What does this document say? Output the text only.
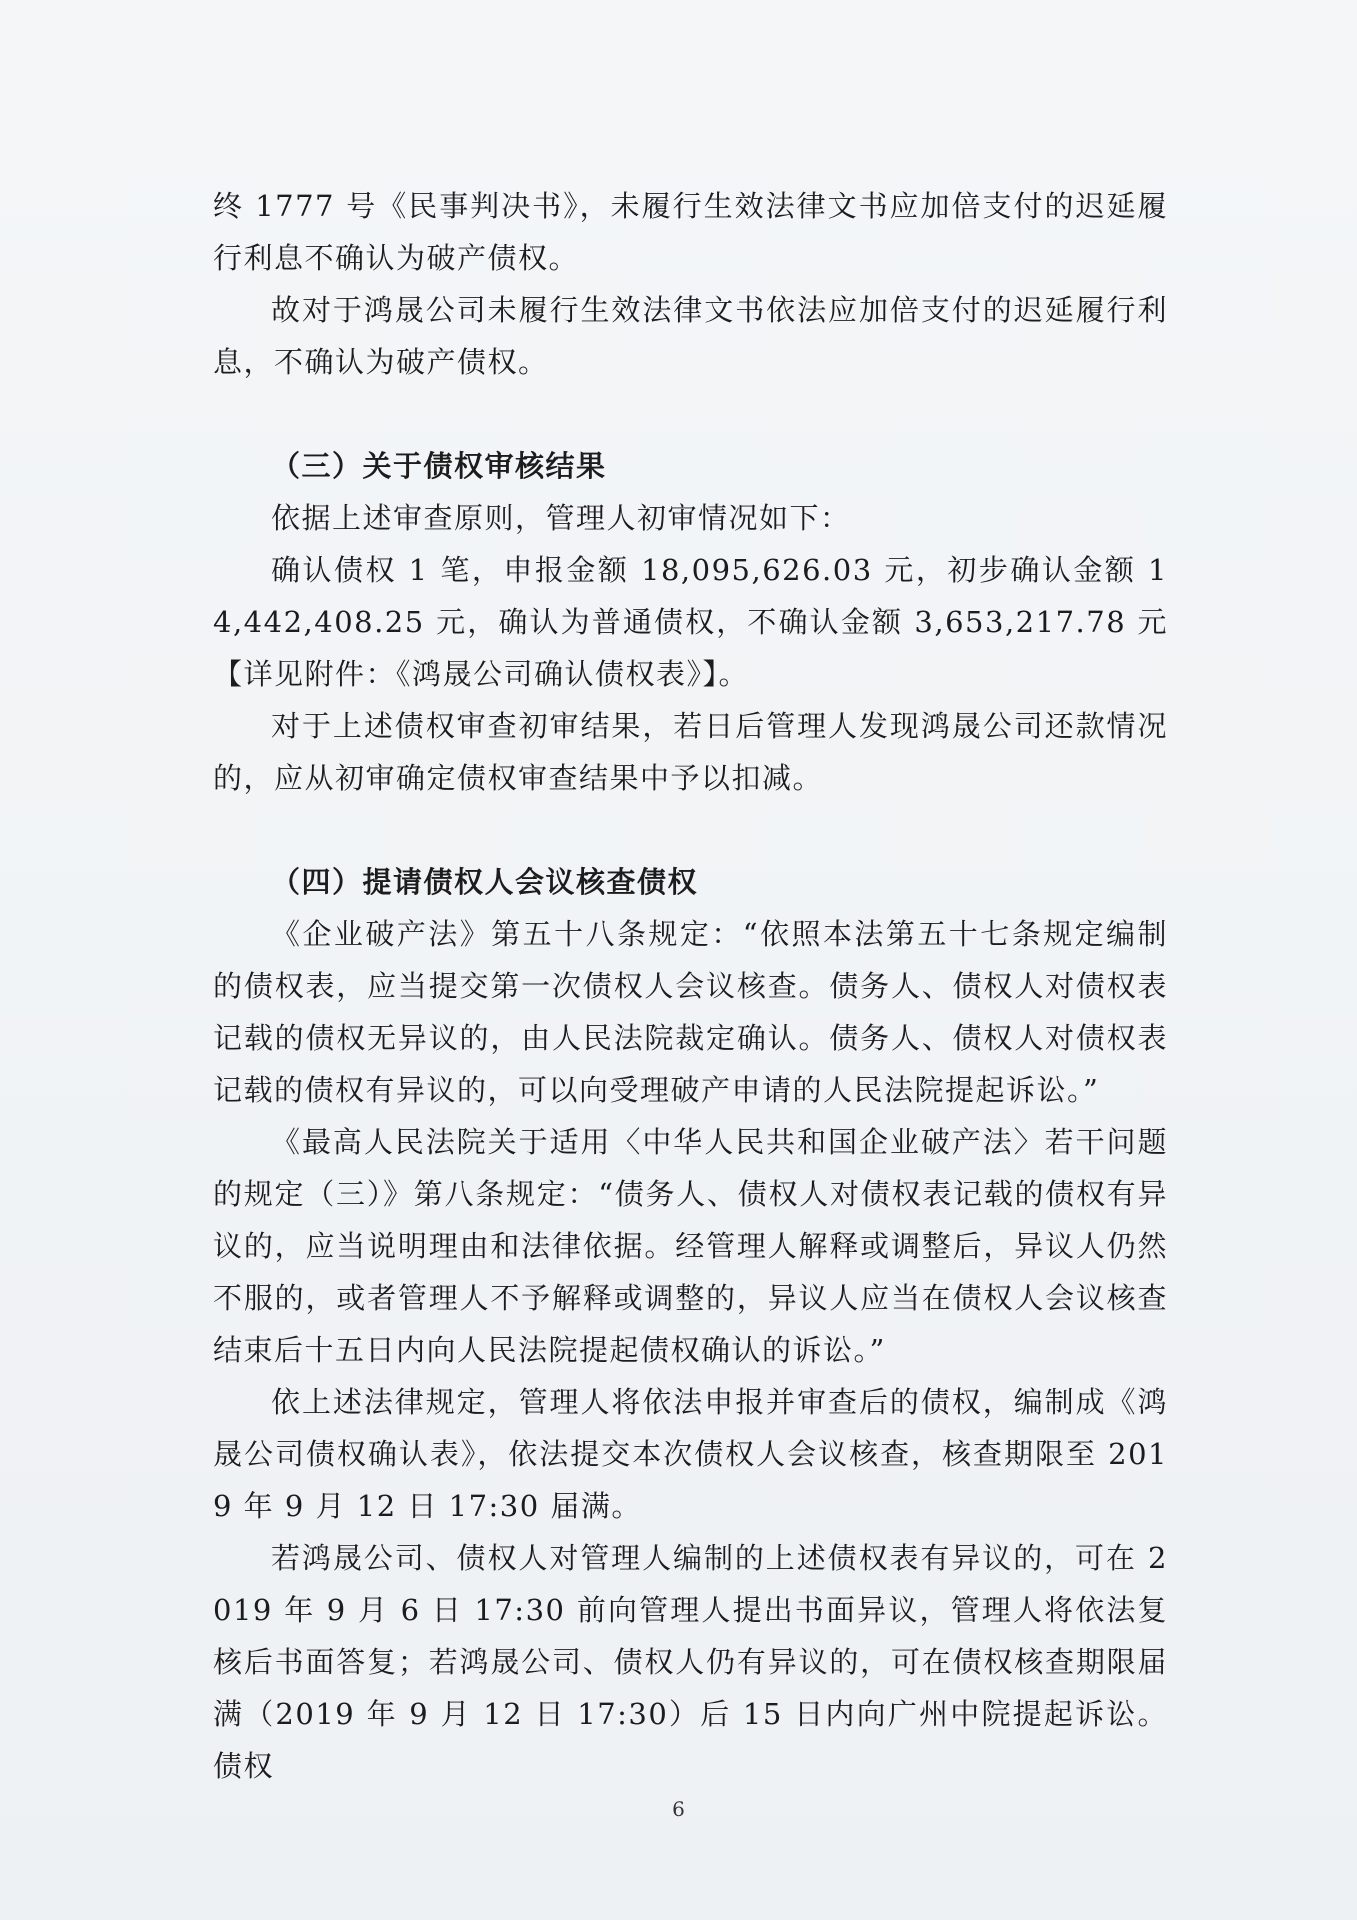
终 1777 号《民事判决书》，未履行生效法律文书应加倍支付的迟延履行利息不确认为破产债权。

故对于鸿晟公司未履行生效法律文书依法应加倍支付的迟延履行利息，不确认为破产债权。

（三）关于债权审核结果

依据上述审查原则，管理人初审情况如下：

确认债权 1 笔，申报金额 18,095,626.03 元，初步确认金额 14,442,408.25 元，确认为普通债权，不确认金额 3,653,217.78 元【详见附件：《鸿晟公司确认债权表》】。

对于上述债权审查初审结果，若日后管理人发现鸿晟公司还款情况的，应从初审确定债权审查结果中予以扣减。

（四）提请债权人会议核查债权

《企业破产法》第五十八条规定：“依照本法第五十七条规定编制的债权表，应当提交第一次债权人会议核查。债务人、债权人对债权表记载的债权无异议的，由人民法院裁定确认。债务人、债权人对债权表记载的债权有异议的，可以向受理破产申请的人民法院提起诉讼。”

《最高人民法院关于适用〈中华人民共和国企业破产法〉若干问题的规定（三）》第八条规定：“债务人、债权人对债权表记载的债权有异议的，应当说明理由和法律依据。经管理人解释或调整后，异议人仍然不服的，或者管理人不予解释或调整的，异议人应当在债权人会议核查结束后十五日内向人民法院提起债权确认的诉讼。”

依上述法律规定，管理人将依法申报并审查后的债权，编制成《鸿晟公司债权确认表》，依法提交本次债权人会议核查，核查期限至 2019 年 9 月 12 日 17:30 届满。

若鸿晟公司、债权人对管理人编制的上述债权表有异议的，可在 2019 年 9 月 6 日 17:30 前向管理人提出书面异议，管理人将依法复核后书面答复；若鸿晟公司、债权人仍有异议的，可在债权核查期限届满（2019 年 9 月 12 日 17:30）后 15 日内向广州中院提起诉讼。债权

6
